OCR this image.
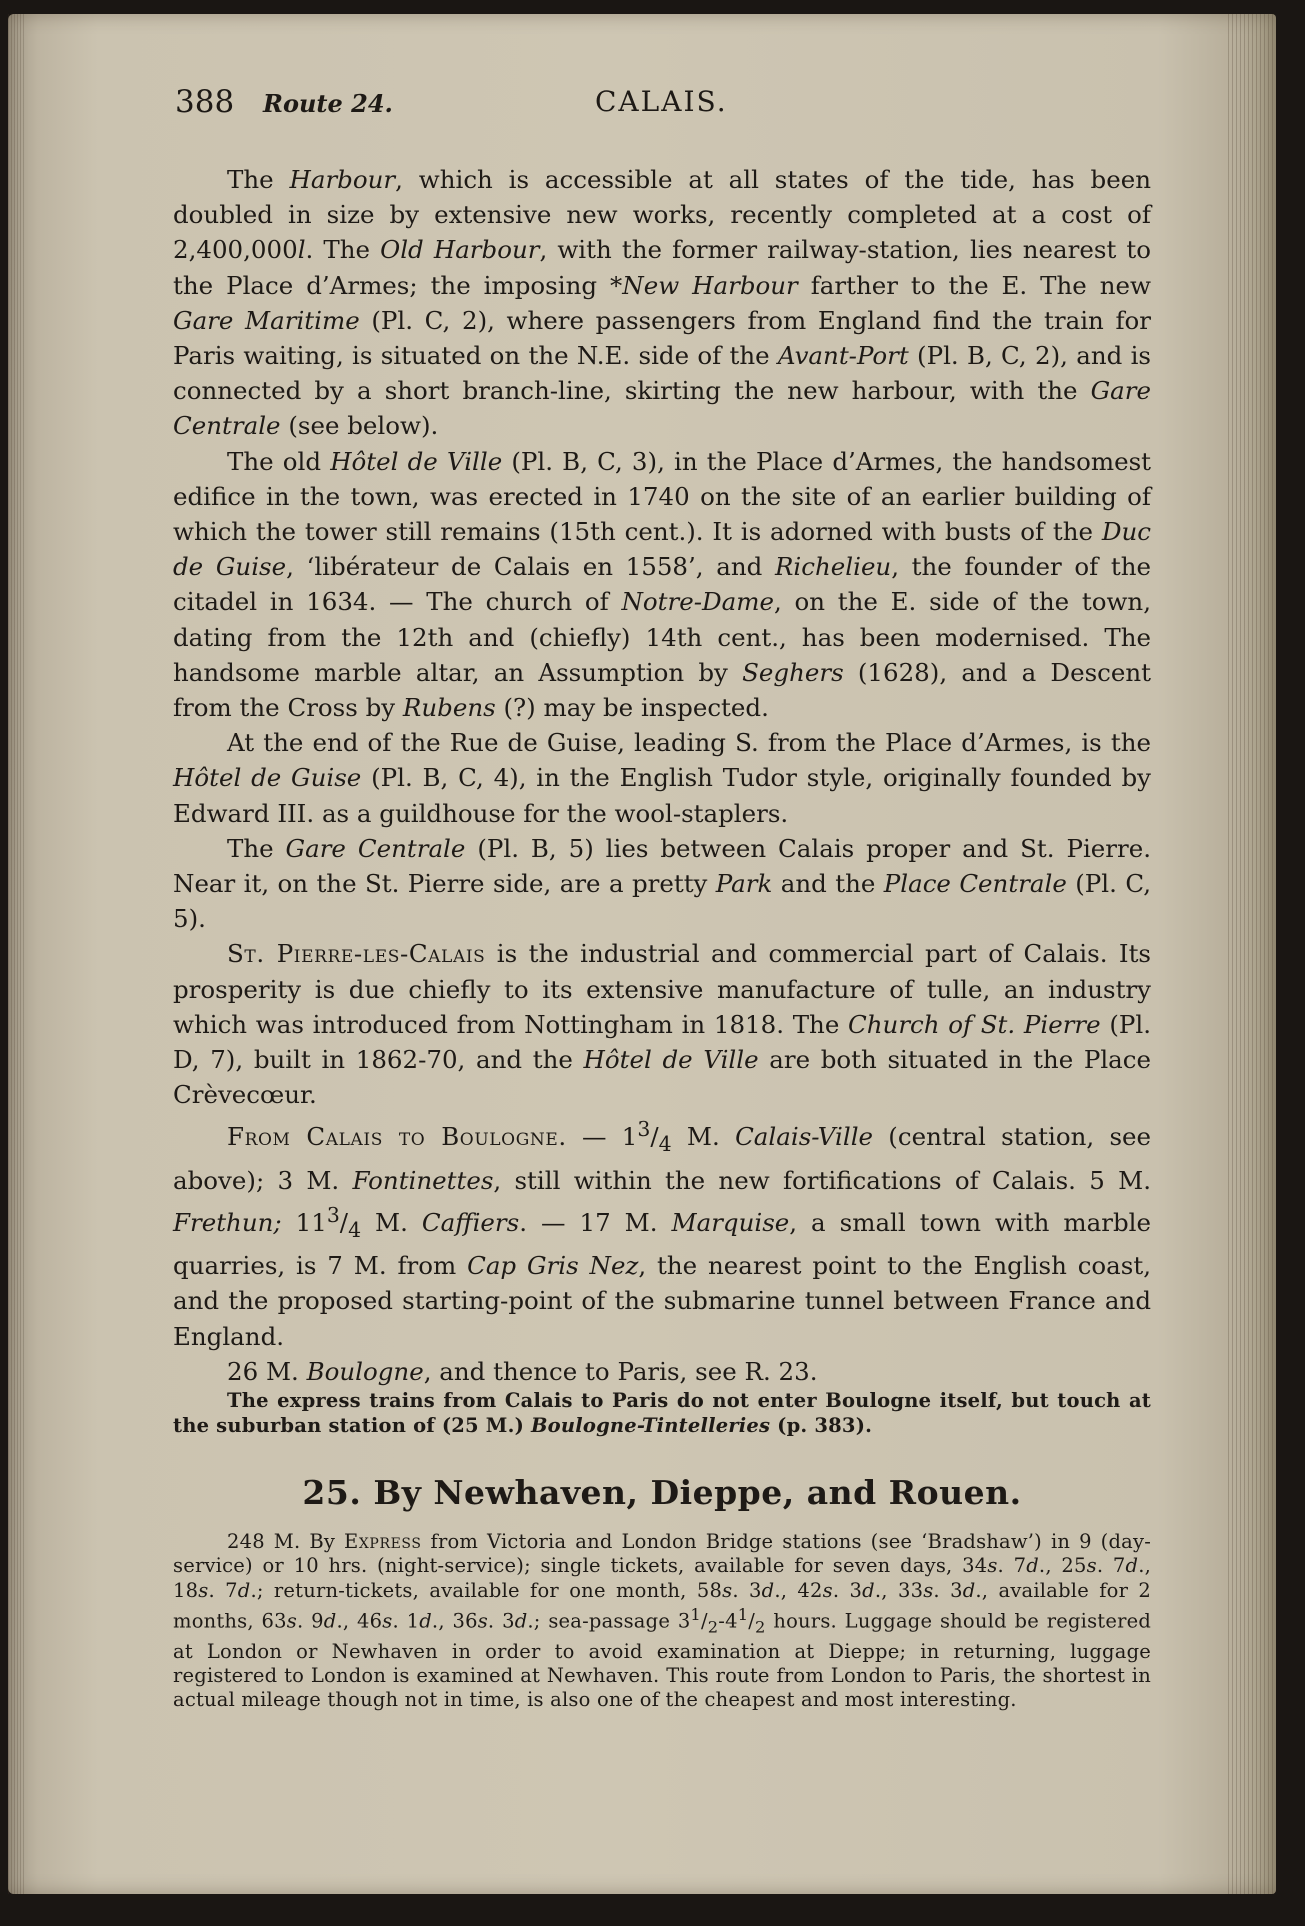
388 Route 24.	CALAIS.

The Harbour, which is accessible at all states of the tide, has been doubled in size by extensive new works, recently completed at a cost of 2,400,000l. The Old Harbour, with the former railway-station, lies nearest to the Place d’Armes; the imposing *New Harbour farther to the E. The new Gare Maritime (Pl. C, 2), where passengers from England find the train for Paris waiting, is situated on the N.E. side of the Avant-Port (Pl. B, C, 2), and is connected by a short branch-line, skirting the new harbour, with the Gare Centrale (see below).

The old Hôtel de Ville (Pl. B, C, 3), in the Place d’Armes, the handsomest edifice in the town, was erected in 1740 on the site of an earlier building of which the tower still remains (15th cent.). It is adorned with busts of the Duc de Guise, ‘libérateur de Calais en 1558’, and Richelieu, the founder of the citadel in 1634. — The church of Notre-Dame, on the E. side of the town, dating from the 12th and (chiefly) 14th cent., has been modernised. The handsome marble altar, an Assumption by Seghers (1628), and a Descent from the Cross by Rubens (?) may be inspected.

At the end of the Rue de Guise, leading S. from the Place d’Armes, is the Hôtel de Guise (Pl. B, C, 4), in the English Tudor style, originally founded by Edward III. as a guildhouse for the wool-staplers.

The Gare Centrale (Pl. B, 5) lies between Calais proper and St. Pierre. Near it, on the St. Pierre side, are a pretty Park and the Place Centrale (Pl. C, 5).

St. Pierre-les-Calais is the industrial and commercial part of Calais. Its prosperity is due chiefly to its extensive manufacture of tulle, an industry which was introduced from Nottingham in 1818. The Church of St. Pierre (Pl. D, 7), built in 1862-70, and the Hôtel de Ville are both situated in the Place Crèvecœur.

From Calais to Boulogne. — $1^3/_4$ M. Calais-Ville (central station, see above); 3 M. Fontinettes, still within the new fortifications of Calais. 5 M. Frethun; $11^3/_4$ M. Caffiers. — 17 M. Marquise, a small town with marble quarries, is 7 M. from Cap Gris Nez, the nearest point to the English coast, and the proposed starting-point of the submarine tunnel between France and England.

26 M. Boulogne, and thence to Paris, see R. 23.

The express trains from Calais to Paris do not enter Boulogne itself, but touch at the suburban station of (25 M.) Boulogne-Tintelleries (p. 383).
25. By Newhaven, Dieppe, and Rouen.
248 M. By Express from Victoria and London Bridge stations (see ‘Bradshaw’) in 9 (day-service) or 10 hrs. (night-service); single tickets, available for seven days, 34s. 7d., 25s. 7d., 18s. 7d.; return-tickets, available for one month, 58s. 3d., 42s. 3d., 33s. 3d., available for 2 months, 63s. 9d., 46s. 1d., 36s. 3d.; sea-passage $3^1/_2-4^1/_2$ hours. Luggage should be registered at London or Newhaven in order to avoid examination at Dieppe; in returning, luggage registered to London is examined at Newhaven. This route from London to Paris, the shortest in actual mileage though not in time, is also one of the cheapest and most interesting.
